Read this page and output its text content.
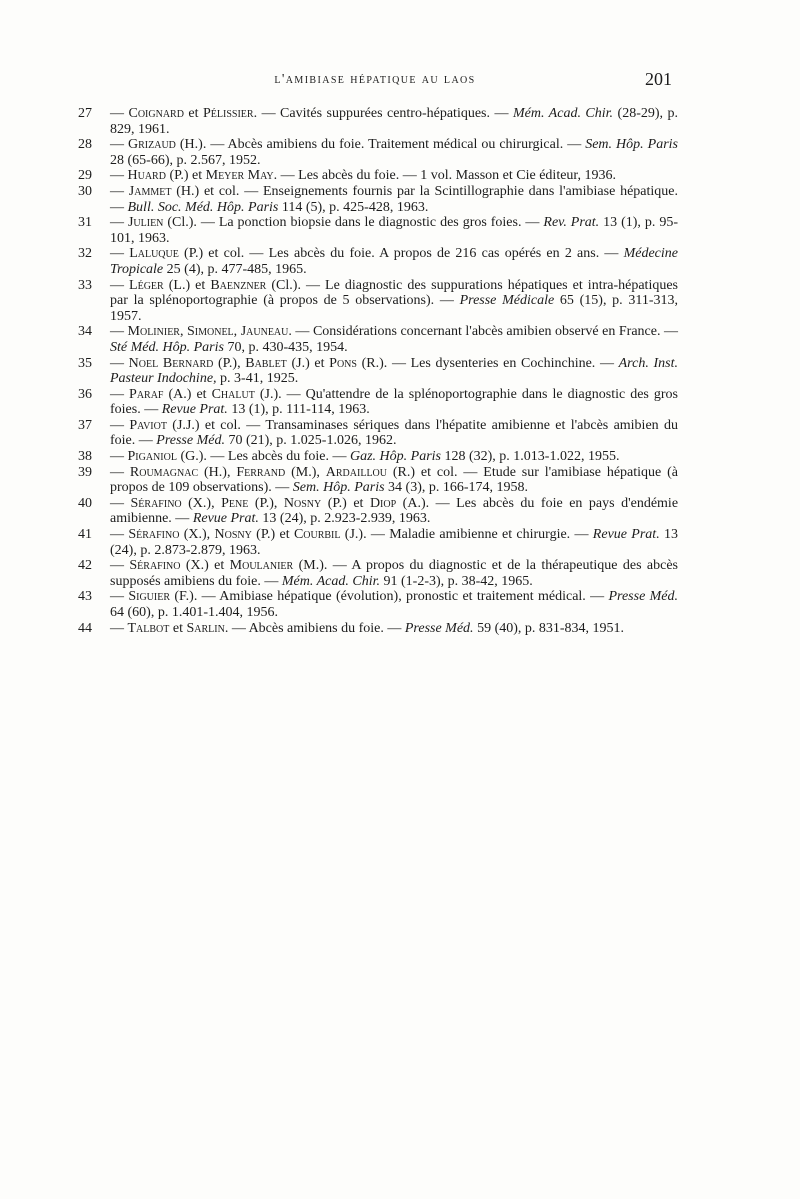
l'amibiase hépatique au laos	201
27	— Coignard et Pélissier. — Cavités suppurées centro-hépatiques. — Mém. Acad. Chir. (28-29), p. 829, 1961.
28	— Grizaud (H.). — Abcès amibiens du foie. Traitement médical ou chirurgical. — Sem. Hôp. Paris 28 (65-66), p. 2.567, 1952.
29	— Huard (P.) et Meyer May. — Les abcès du foie. — 1 vol. Masson et Cie éditeur, 1936.
30	— Jammet (H.) et col. — Enseignements fournis par la Scintillographie dans l'amibiase hépatique. — Bull. Soc. Méd. Hôp. Paris 114 (5), p. 425-428, 1963.
31	— Julien (Cl.). — La ponction biopsie dans le diagnostic des gros foies. — Rev. Prat. 13 (1), p. 95-101, 1963.
32	— Laluque (P.) et col. — Les abcès du foie. A propos de 216 cas opérés en 2 ans. — Médecine Tropicale 25 (4), p. 477-485, 1965.
33	— Léger (L.) et Baenzner (Cl.). — Le diagnostic des suppurations hépatiques et intra-hépatiques par la splénoportographie (à propos de 5 observations). — Presse Médicale 65 (15), p. 311-313, 1957.
34	— Molinier, Simonel, Jauneau. — Considérations concernant l'abcès amibien observé en France. — Sté Méd. Hôp. Paris 70, p. 430-435, 1954.
35	— Noel Bernard (P.), Bablet (J.) et Pons (R.). — Les dysenteries en Cochinchine. — Arch. Inst. Pasteur Indochine, p. 3-41, 1925.
36	— Paraf (A.) et Chalut (J.). — Qu'attendre de la splénoportographie dans le diagnostic des gros foies. — Revue Prat. 13 (1), p. 111-114, 1963.
37	— Paviot (J.J.) et col. — Transaminases sériques dans l'hépatite amibienne et l'abcès amibien du foie. — Presse Méd. 70 (21), p. 1.025-1.026, 1962.
38	— Piganiol (G.). — Les abcès du foie. — Gaz. Hôp. Paris 128 (32), p. 1.013-1.022, 1955.
39	— Roumagnac (H.), Ferrand (M.), Ardaillou (R.) et col. — Etude sur l'amibiase hépatique (à propos de 109 observations). — Sem. Hôp. Paris 34 (3), p. 166-174, 1958.
40	— Sérafino (X.), Pene (P.), Nosny (P.) et Diop (A.). — Les abcès du foie en pays d'endémie amibienne. — Revue Prat. 13 (24), p. 2.923-2.939, 1963.
41	— Sérafino (X.), Nosny (P.) et Courbil (J.). — Maladie amibienne et chirurgie. — Revue Prat. 13 (24), p. 2.873-2.879, 1963.
42	— Sérafino (X.) et Moulanier (M.). — A propos du diagnostic et de la thérapeutique des abcès supposés amibiens du foie. — Mém. Acad. Chir. 91 (1-2-3), p. 38-42, 1965.
43	— Siguier (F.). — Amibiase hépatique (évolution), pronostic et traitement médical. — Presse Méd. 64 (60), p. 1.401-1.404, 1956.
44	— Talbot et Sarlin. — Abcès amibiens du foie. — Presse Méd. 59 (40), p. 831-834, 1951.
